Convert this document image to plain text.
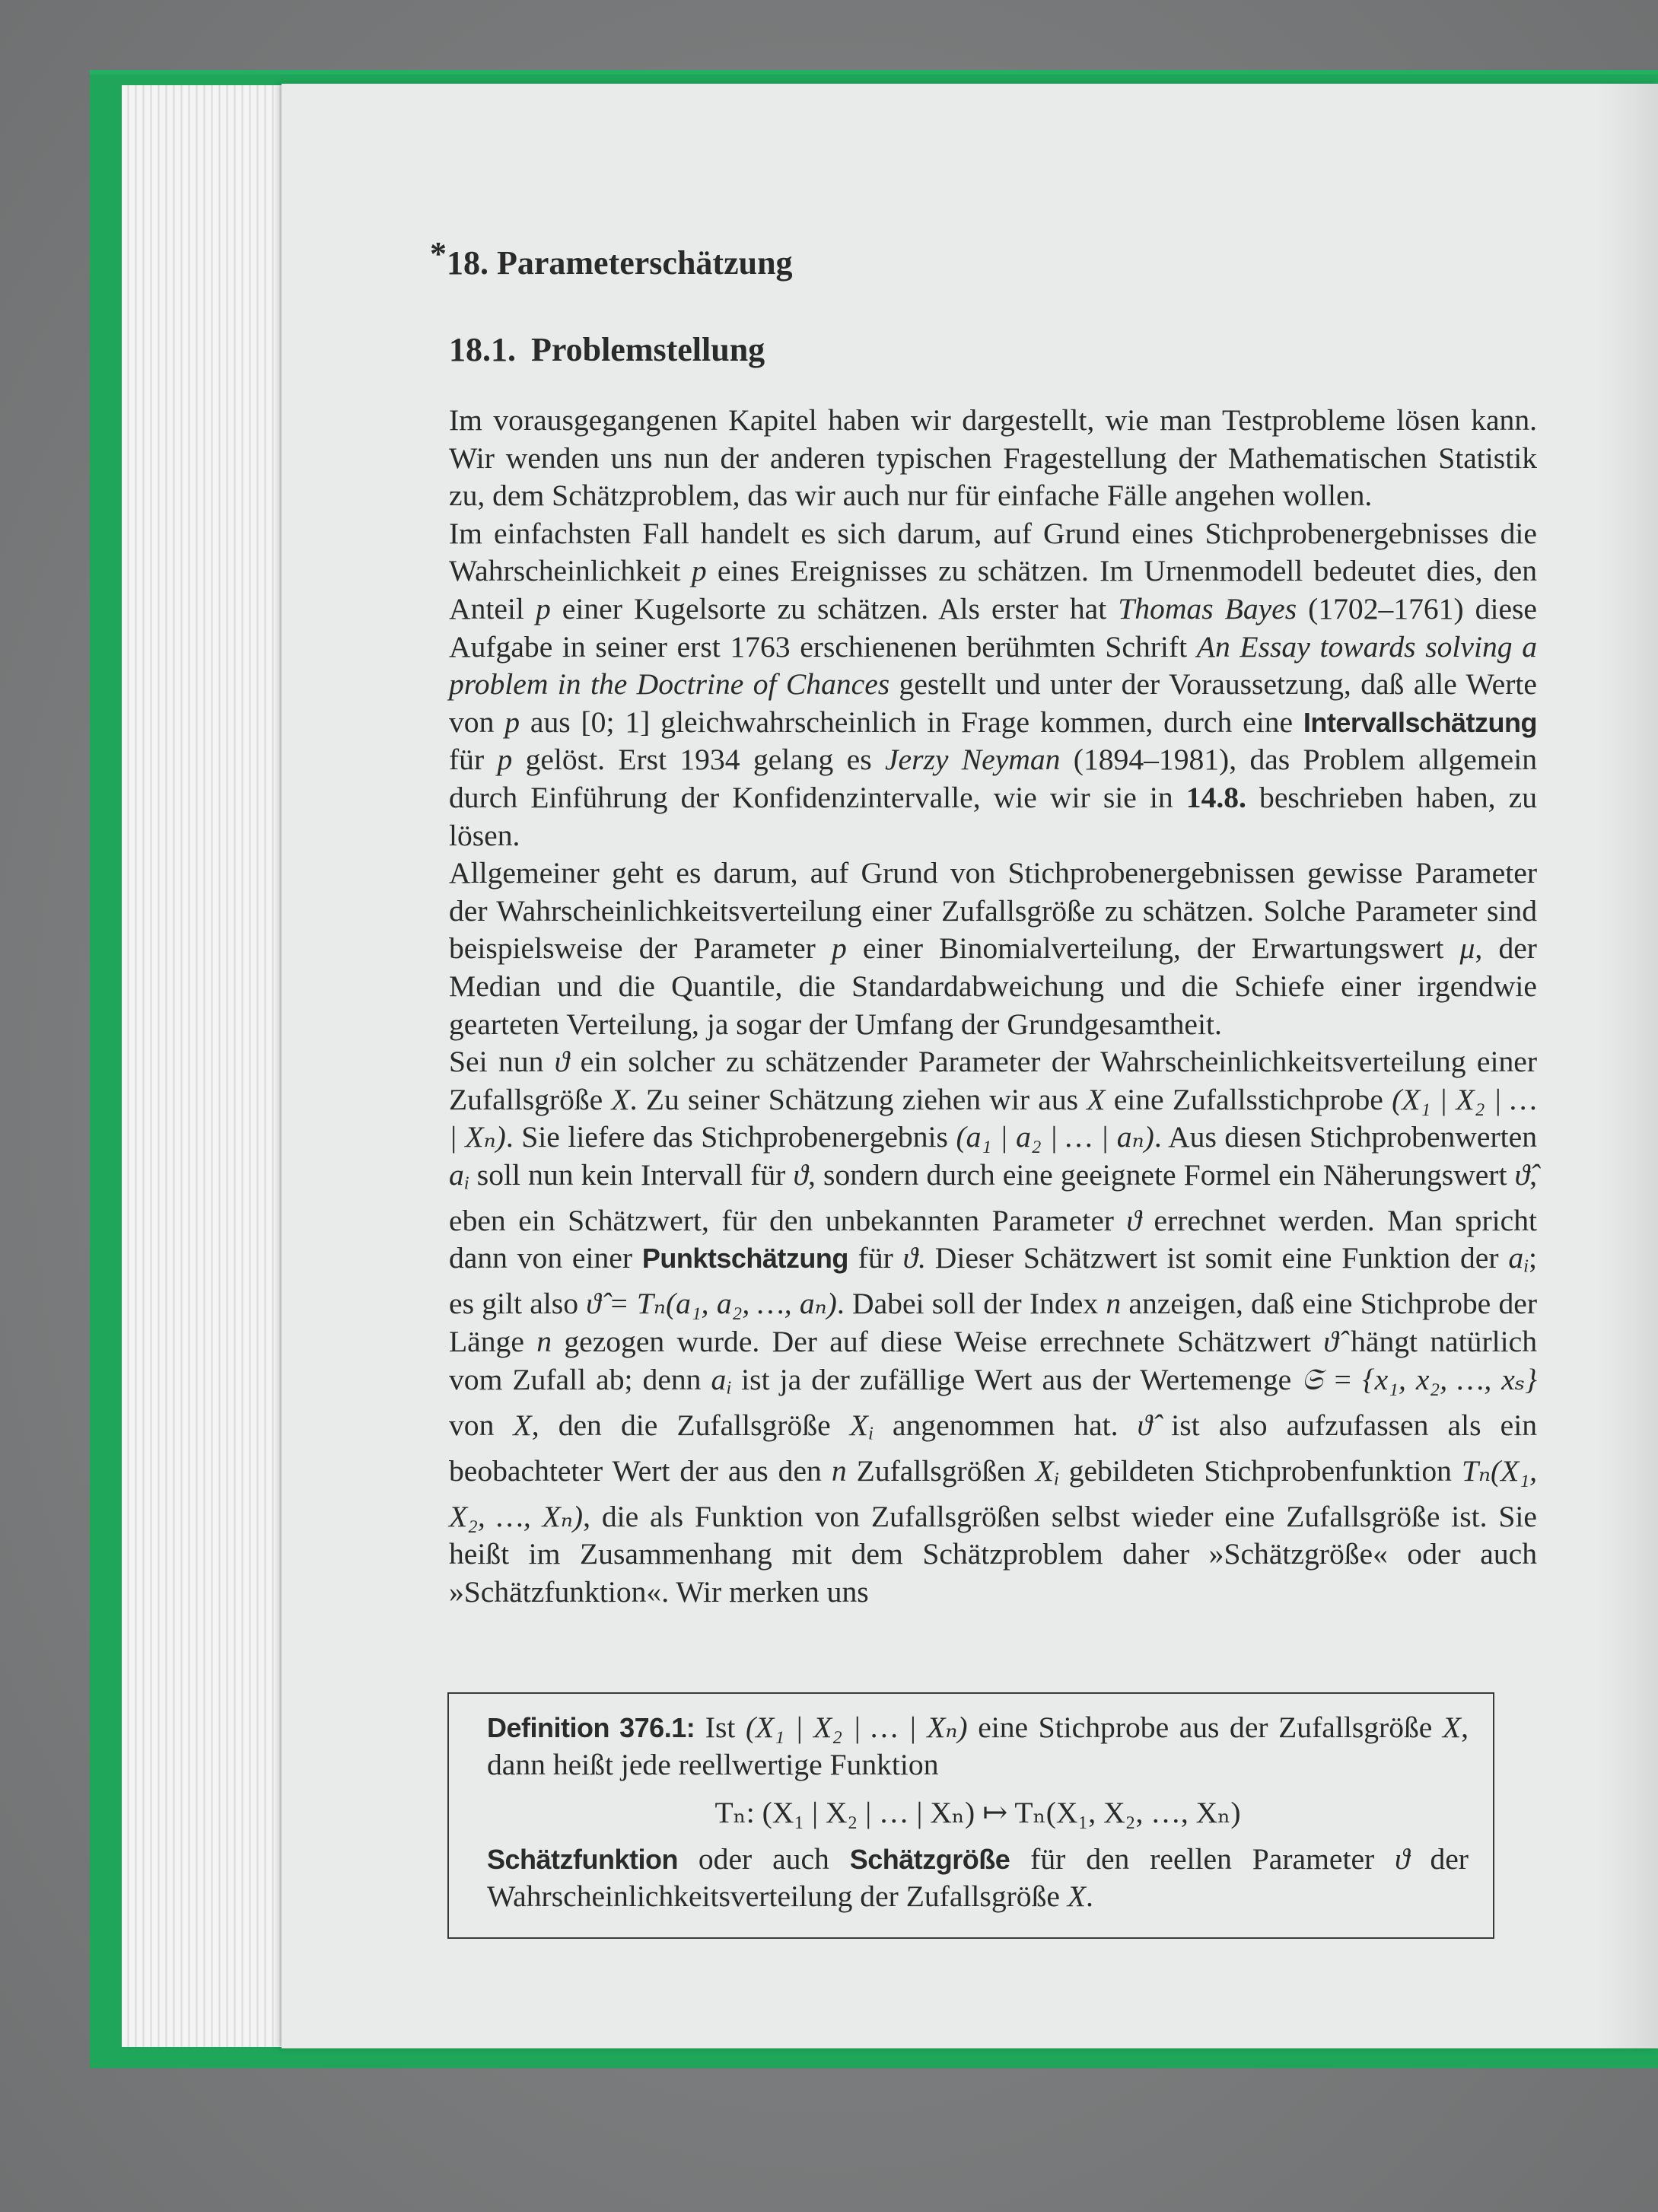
*18. Parameterschätzung
18.1. Problemstellung

Im vorausgegangenen Kapitel haben wir dargestellt, wie man Testprobleme lösen kann. Wir wenden uns nun der anderen typischen Fragestellung der Mathematischen Statistik zu, dem Schätzproblem, das wir auch nur für einfache Fälle angehen wollen.

Im einfachsten Fall handelt es sich darum, auf Grund eines Stichprobenergebnisses die Wahrscheinlichkeit p eines Ereignisses zu schätzen. Im Urnenmodell bedeutet dies, den Anteil p einer Kugelsorte zu schätzen. Als erster hat Thomas Bayes (1702–1761) diese Aufgabe in seiner erst 1763 erschienenen berühmten Schrift An Essay towards solving a problem in the Doctrine of Chances gestellt und unter der Voraussetzung, daß alle Werte von p aus [0; 1] gleichwahrscheinlich in Frage kommen, durch eine Intervallschätzung für p gelöst. Erst 1934 gelang es Jerzy Neyman (1894–1981), das Problem allgemein durch Einführung der Konfidenzintervalle, wie wir sie in 14.8. beschrieben haben, zu lösen.

Allgemeiner geht es darum, auf Grund von Stichprobenergebnissen gewisse Parameter der Wahrscheinlichkeitsverteilung einer Zufallsgröße zu schätzen. Solche Parameter sind beispielsweise der Parameter p einer Binomialverteilung, der Erwartungswert μ, der Median und die Quantile, die Standardabweichung und die Schiefe einer irgendwie gearteten Verteilung, ja sogar der Umfang der Grundgesamtheit.

Sei nun ϑ ein solcher zu schätzender Parameter der Wahrscheinlichkeitsverteilung einer Zufallsgröße X. Zu seiner Schätzung ziehen wir aus X eine Zufallsstichprobe (X₁ | X₂ | … | Xₙ). Sie liefere das Stichprobenergebnis (a₁ | a₂ | … | aₙ). Aus diesen Stichprobenwerten $a_i$ soll nun kein Intervall für ϑ, sondern durch eine geeignete Formel ein Näherungswert ϑ̂, eben ein Schätzwert, für den unbekannten Parameter ϑ errechnet werden. Man spricht dann von einer Punktschätzung für ϑ. Dieser Schätzwert ist somit eine Funktion der $a_i$; es gilt also ϑ̂ = Tₙ(a₁, a₂, …, aₙ). Dabei soll der Index n anzeigen, daß eine Stichprobe der Länge n gezogen wurde. Der auf diese Weise errechnete Schätzwert ϑ̂ hängt natürlich vom Zufall ab; denn $a_i$ ist ja der zufällige Wert aus der Wertemenge 𝔖 = {x₁, x₂, …, xₛ} von X, den die Zufallsgröße $X_i$ angenommen hat. ϑ̂ ist also aufzufassen als ein beobachteter Wert der aus den n Zufallsgrößen $X_i$ gebildeten Stichprobenfunktion Tₙ(X₁, X₂, …, Xₙ), die als Funktion von Zufallsgrößen selbst wieder eine Zufallsgröße ist. Sie heißt im Zusammenhang mit dem Schätzproblem daher »Schätzgröße« oder auch »Schätzfunktion«. Wir merken uns

Definition 376.1: Ist (X₁ | X₂ | … | Xₙ) eine Stichprobe aus der Zufallsgröße X, dann heißt jede reellwertige Funktion

Tₙ: (X₁ | X₂ | … | Xₙ) ↦ Tₙ(X₁, X₂, …, Xₙ)

Schätzfunktion oder auch Schätzgröße für den reellen Parameter ϑ der Wahrscheinlichkeitsverteilung der Zufallsgröße X.
